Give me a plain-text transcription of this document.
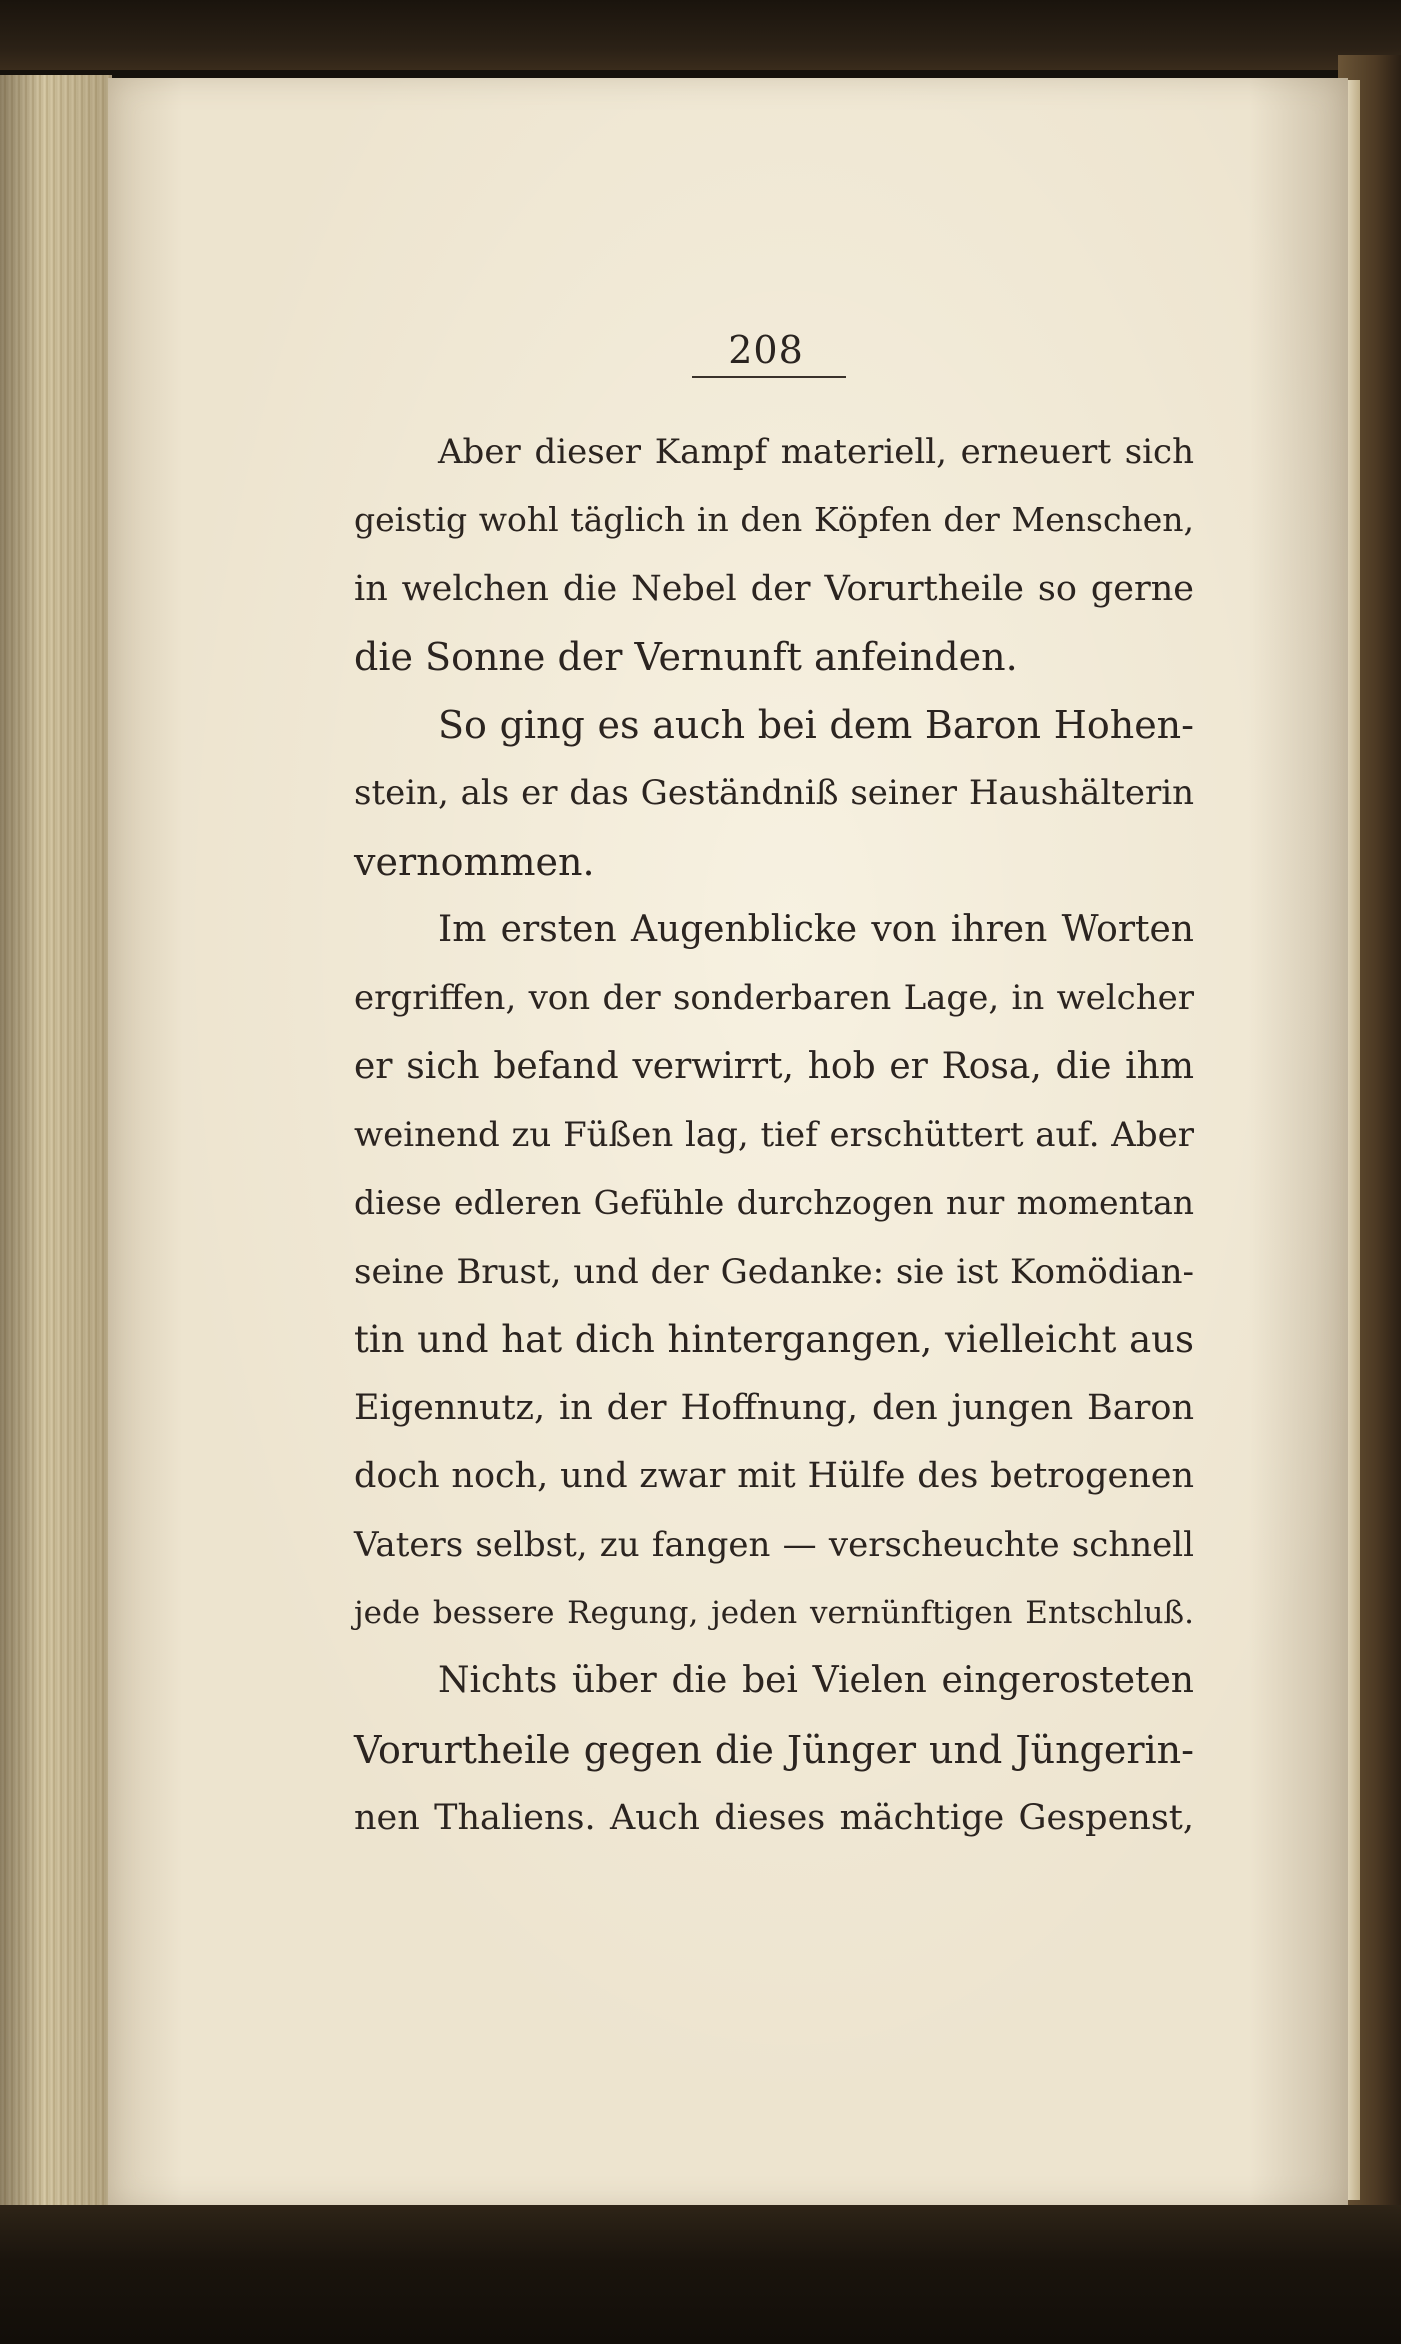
208
Aber dieser Kampf materiell, erneuert sich
geistig wohl täglich in den Köpfen der Menschen,
in welchen die Nebel der Vorurtheile so gerne
die Sonne der Vernunft anfeinden.
So ging es auch bei dem Baron Hohen-
stein, als er das Geständniß seiner Haushälterin
vernommen.
Im ersten Augenblicke von ihren Worten
ergriffen, von der sonderbaren Lage, in welcher
er sich befand verwirrt, hob er Rosa, die ihm
weinend zu Füßen lag, tief erschüttert auf. Aber
diese edleren Gefühle durchzogen nur momentan
seine Brust, und der Gedanke: sie ist Komödian-
tin und hat dich hintergangen, vielleicht aus
Eigennutz, in der Hoffnung, den jungen Baron
doch noch, und zwar mit Hülfe des betrogenen
Vaters selbst, zu fangen — verscheuchte schnell
jede bessere Regung, jeden vernünftigen Entschluß.
Nichts über die bei Vielen eingerosteten
Vorurtheile gegen die Jünger und Jüngerin-
nen Thaliens. Auch dieses mächtige Gespenst,
